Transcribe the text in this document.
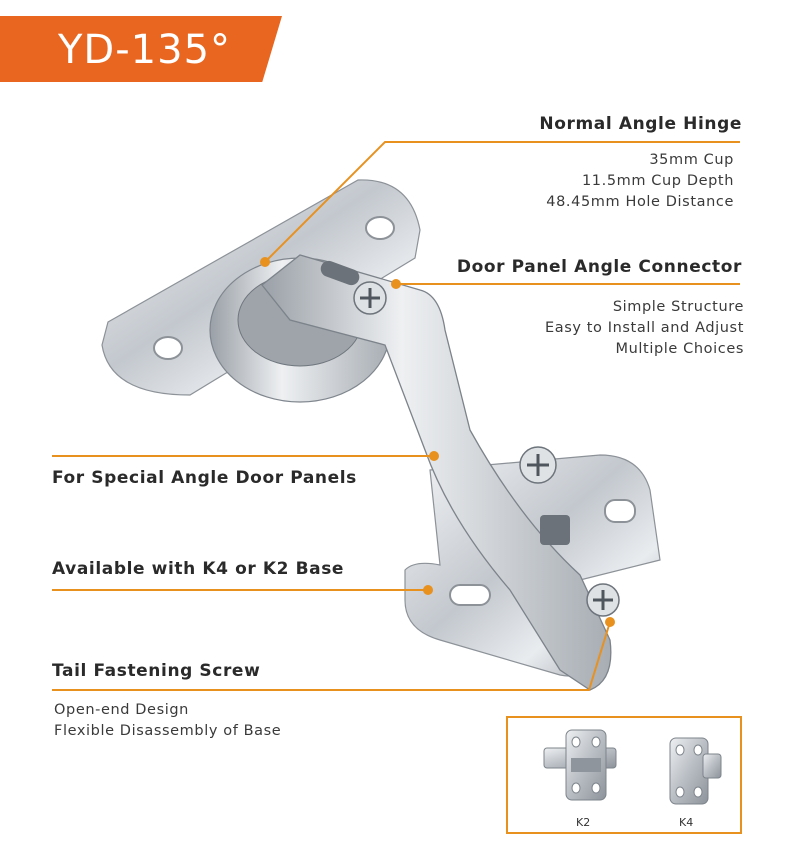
YD-135°
Normal Angle Hinge
35mm Cup
11.5mm Cup Depth
48.45mm Hole Distance
Door Panel Angle Connector
Simple Structure
Easy to Install and Adjust
Multiple Choices
For Special Angle Door Panels
Available with K4 or K2 Base
Tail Fastening Screw
Open-end Design
Flexible Disassembly of Base
K2	K4
